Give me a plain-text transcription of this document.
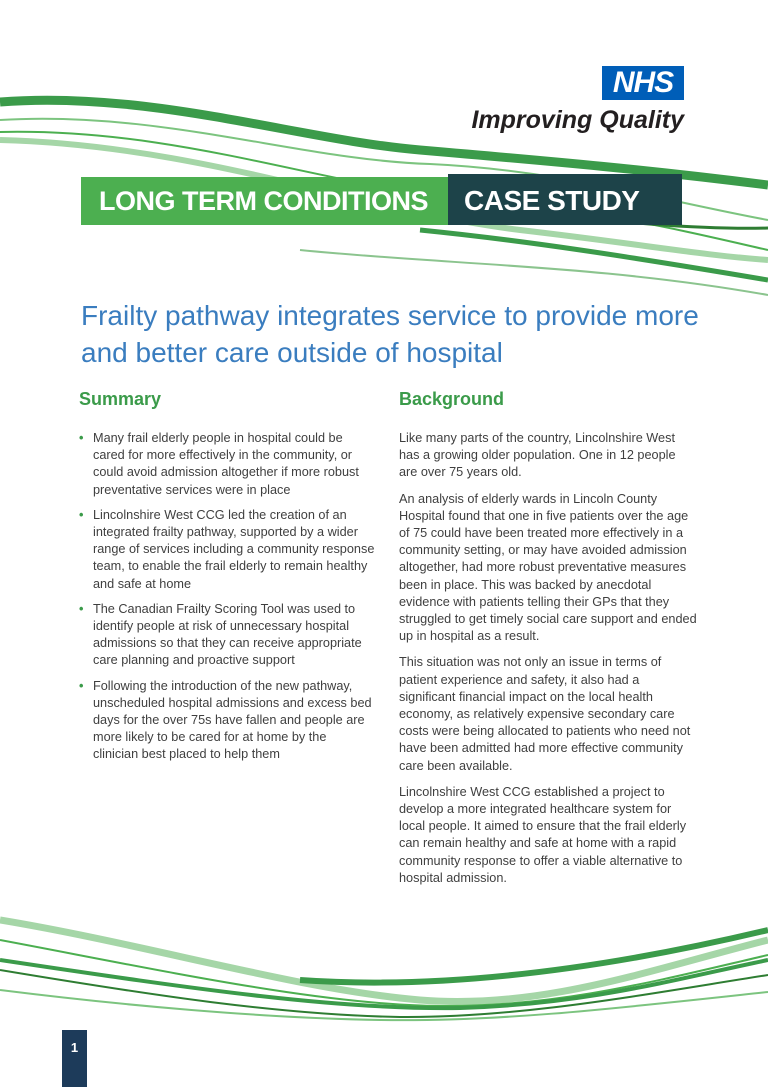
NHS
Improving Quality
LONG TERM CONDITIONS	CASE STUDY
Frailty pathway integrates service to provide more and better care outside of hospital
Summary	Background
• Many frail elderly people in hospital could be cared for more effectively in the community, or could avoid admission altogether if more robust preventative services were in place
• Lincolnshire West CCG led the creation of an integrated frailty pathway, supported by a wider range of services including a community response team, to enable the frail elderly to remain healthy and safe at home
• The Canadian Frailty Scoring Tool was used to identify people at risk of unnecessary hospital admissions so that they can receive appropriate care planning and proactive support
• Following the introduction of the new pathway, unscheduled hospital admissions and excess bed days for the over 75s have fallen and people are more likely to be cared for at home by the clinician best placed to help them

Like many parts of the country, Lincolnshire West has a growing older population. One in 12 people are over 75 years old.

An analysis of elderly wards in Lincoln County Hospital found that one in five patients over the age of 75 could have been treated more effectively in a community setting, or may have avoided admission altogether, had more robust preventative measures been in place. This was backed by anecdotal evidence with patients telling their GPs that they struggled to get timely social care support and ended up in hospital as a result.

This situation was not only an issue in terms of patient experience and safety, it also had a significant financial impact on the local health economy, as relatively expensive secondary care costs were being allocated to patients who need not have been admitted had more effective community care been available.

Lincolnshire West CCG established a project to develop a more integrated healthcare system for local people. It aimed to ensure that the frail elderly can remain healthy and safe at home with a rapid community response to offer a viable alternative to hospital admission.

1
